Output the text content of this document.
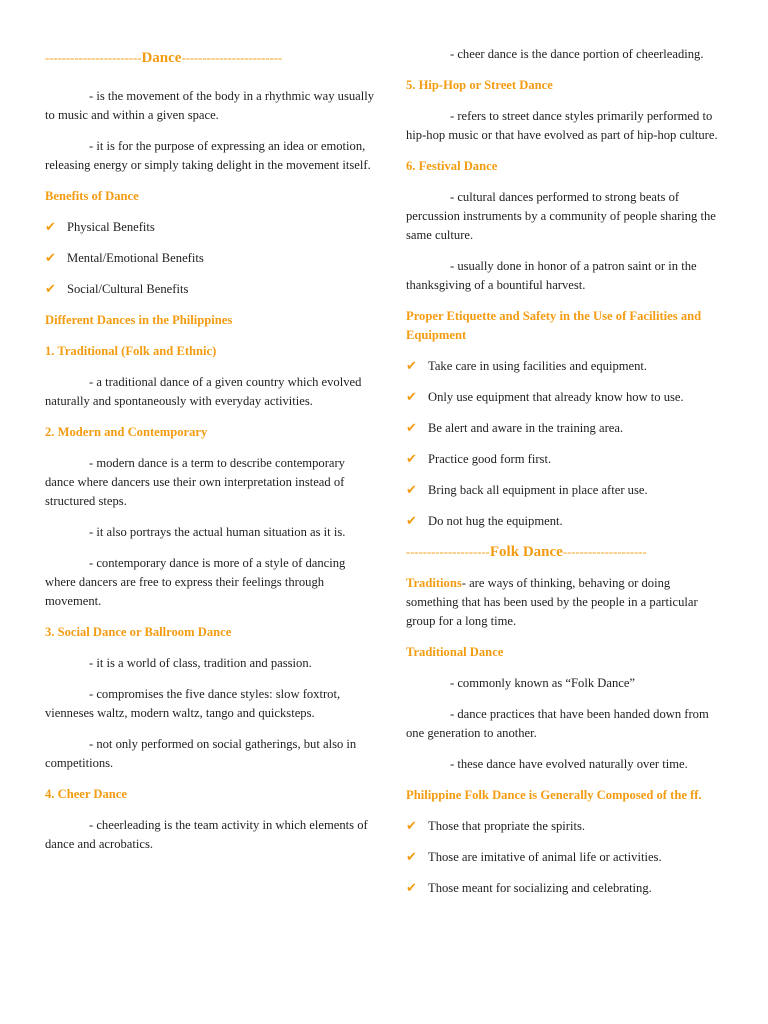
-----------------------Dance------------------------

- is the movement of the body in a rhythmic way usually to music and within a given space.

- it is for the purpose of expressing an idea or emotion, releasing energy or simply taking delight in the movement itself.

Benefits of Dance

✔ Physical Benefits

✔ Mental/Emotional Benefits

✔ Social/Cultural Benefits

Different Dances in the Philippines

1. Traditional (Folk and Ethnic)

- a traditional dance of a given country which evolved naturally and spontaneously with everyday activities.

2. Modern and Contemporary

- modern dance is a term to describe contemporary dance where dancers use their own interpretation instead of structured steps.

- it also portrays the actual human situation as it is.

- contemporary dance is more of a style of dancing where dancers are free to express their feelings through movement.

3. Social Dance or Ballroom Dance

- it is a world of class, tradition and passion.

- compromises the five dance styles: slow foxtrot, vienneses waltz, modern waltz, tango and quicksteps.

- not only performed on social gatherings, but also in competitions.

4. Cheer Dance

- cheerleading is the team activity in which elements of dance and acrobatics.

- cheer dance is the dance portion of cheerleading.

5. Hip-Hop or Street Dance

- refers to street dance styles primarily performed to hip-hop music or that have evolved as part of hip-hop culture.

6. Festival Dance

- cultural dances performed to strong beats of percussion instruments by a community of people sharing the same culture.

- usually done in honor of a patron saint or in the thanksgiving of a bountiful harvest.

Proper Etiquette and Safety in the Use of Facilities and Equipment

✔ Take care in using facilities and equipment.

✔ Only use equipment that already know how to use.

✔ Be alert and aware in the training area.

✔ Practice good form first.

✔ Bring back all equipment in place after use.

✔ Do not hug the equipment.

--------------------Folk Dance--------------------

Traditions- are ways of thinking, behaving or doing something that has been used by the people in a particular group for a long time.

Traditional Dance

- commonly known as “Folk Dance”

- dance practices that have been handed down from one generation to another.

- these dance have evolved naturally over time.

Philippine Folk Dance is Generally Composed of the ff.

✔ Those that propriate the spirits.

✔ Those are imitative of animal life or activities.

✔ Those meant for socializing and celebrating.
